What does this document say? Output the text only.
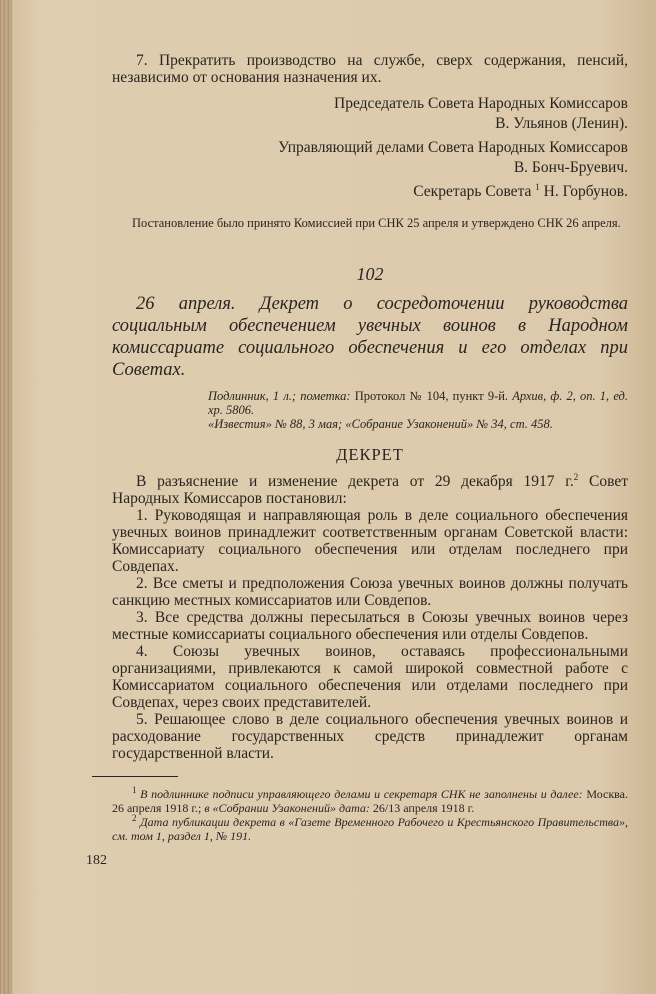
7. Прекратить производство на службе, сверх содержания, пенсий, независимо от основания назначения их.

Председатель Совета Народных Комиссаров

В. Ульянов (Ленин).

Управляющий делами Совета Народных Комиссаров

В. Бонч-Бруевич.

Секретарь Совета $^1$ Н. Горбунов.

Постановление было принято Комиссией при СНК 25 апреля и утверждено СНК 26 апреля.

102

26 апреля. Декрет о сосредоточении руководства социальным обеспечением увечных воинов в Народном комиссариате социального обеспечения и его отделах при Советах.

Подлинник, 1 л.; пометка: Протокол № 104, пункт 9-й. Архив, ф. 2, оп. 1, ед. хр. 5806.

«Известия» № 88, 3 мая; «Собрание Узаконений» № 34, ст. 458.

ДЕКРЕТ

В разъяснение и изменение декрета от 29 декабря 1917 г.$^2$ Совет Народных Комиссаров постановил:

1. Руководящая и направляющая роль в деле социального обеспечения увечных воинов принадлежит соответственным органам Советской власти: Комиссариату социального обеспечения или отделам последнего при Совдепах.

2. Все сметы и предположения Союза увечных воинов должны получать санкцию местных комиссариатов или Совдепов.

3. Все средства должны пересылаться в Союзы увечных воинов через местные комиссариаты социального обеспечения или отделы Совдепов.

4. Союзы увечных воинов, оставаясь профессиональными организациями, привлекаются к самой широкой совместной работе с Комиссариатом социального обеспечения или отделами последнего при Совдепах, через своих представителей.

5. Решающее слово в деле социального обеспечения увечных воинов и расходование государственных средств принадлежит органам государственной власти.

$^1$ В подлиннике подписи управляющего делами и секретаря СНК не заполнены и далее: Москва. 26 апреля 1918 г.; в «Собрании Узаконений» дата: 26/13 апреля 1918 г.

$^2$ Дата публикации декрета в «Газете Временного Рабочего и Крестьянского Правительства», см. том 1, раздел 1, № 191.

182
